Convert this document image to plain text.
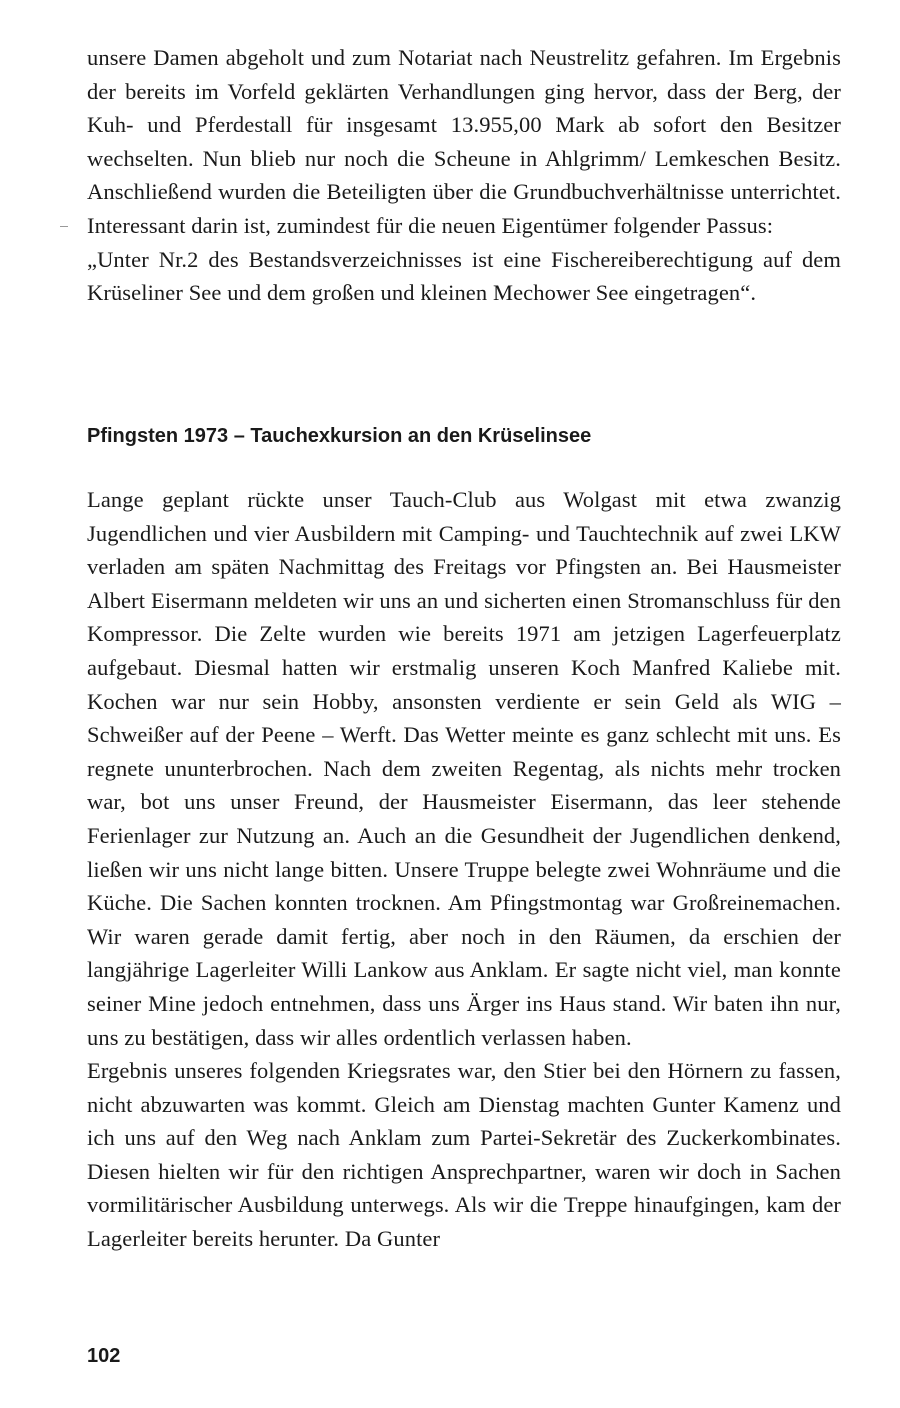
unsere Damen abgeholt und zum Notariat nach Neustrelitz gefahren. Im Ergebnis der bereits im Vorfeld geklärten Verhandlungen ging hervor, dass der Berg, der Kuh- und Pferdestall für insgesamt 13.955,00 Mark ab sofort den Besitzer wechselten. Nun blieb nur noch die Scheune in Ahlgrimm/ Lemkeschen Besitz. Anschließend wurden die Beteiligten über die Grundbuchverhältnisse unterrichtet. Interessant darin ist, zumindest für die neuen Eigentümer folgender Passus:

„Unter Nr.2 des Bestandsverzeichnisses ist eine Fischereiberechtigung auf dem Krüseliner See und dem großen und kleinen Mechower See eingetragen“.

Pfingsten 1973 – Tauchexkursion an den Krüselinsee

Lange geplant rückte unser Tauch-Club aus Wolgast mit etwa zwanzig Jugendlichen und vier Ausbildern mit Camping- und Tauchtechnik auf zwei LKW verladen am späten Nachmittag des Freitags vor Pfingsten an. Bei Hausmeister Albert Eisermann meldeten wir uns an und sicherten einen Stromanschluss für den Kompressor. Die Zelte wurden wie bereits 1971 am jetzigen Lagerfeuerplatz aufgebaut. Diesmal hatten wir erstmalig unseren Koch Manfred Kaliebe mit. Kochen war nur sein Hobby, ansonsten verdiente er sein Geld als WIG – Schweißer auf der Peene – Werft. Das Wetter meinte es ganz schlecht mit uns. Es regnete ununterbrochen. Nach dem zweiten Regentag, als nichts mehr trocken war, bot uns unser Freund, der Hausmeister Eisermann, das leer stehende Ferienlager zur Nutzung an. Auch an die Gesundheit der Jugendlichen denkend, ließen wir uns nicht lange bitten. Unsere Truppe belegte zwei Wohnräume und die Küche. Die Sachen konnten trocknen. Am Pfingstmontag war Großreinemachen. Wir waren gerade damit fertig, aber noch in den Räumen, da erschien der langjährige Lagerleiter Willi Lankow aus Anklam. Er sagte nicht viel, man konnte seiner Mine jedoch entnehmen, dass uns Ärger ins Haus stand. Wir baten ihn nur, uns zu bestätigen, dass wir alles ordentlich verlassen haben.

Ergebnis unseres folgenden Kriegsrates war, den Stier bei den Hörnern zu fassen, nicht abzuwarten was kommt. Gleich am Dienstag machten Gunter Kamenz und ich uns auf den Weg nach Anklam zum Partei-Sekretär des Zuckerkombinates. Diesen hielten wir für den richtigen Ansprechpartner, waren wir doch in Sachen vormilitärischer Ausbildung unterwegs. Als wir die Treppe hinaufgingen, kam der Lagerleiter bereits herunter. Da Gunter

102
